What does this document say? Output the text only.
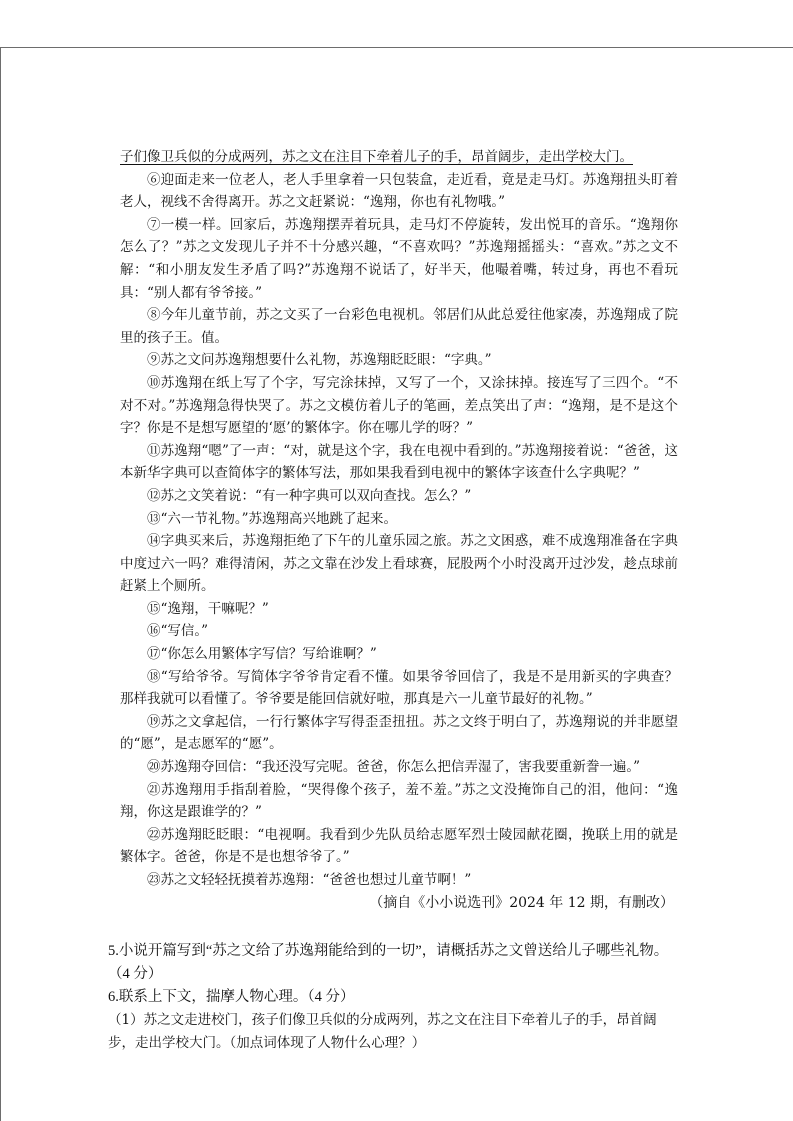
子们像卫兵似的分成两列，苏之文在注目下牵着儿子的手，昂首阔步，走出学校大门。

⑥迎面走来一位老人，老人手里拿着一只包装盒，走近看，竟是走马灯。苏逸翔扭头盯着老人，视线不舍得离开。苏之文赶紧说：“逸翔，你也有礼物哦。”

⑦一模一样。回家后，苏逸翔摆弄着玩具，走马灯不停旋转，发出悦耳的音乐。“逸翔你怎么了？”苏之文发现儿子并不十分感兴趣，“不喜欢吗？”苏逸翔摇摇头：“喜欢。”苏之文不解：“和小朋友发生矛盾了吗?”苏逸翔不说话了，好半天，他嘬着嘴，转过身，再也不看玩具：“别人都有爷爷接。”

⑧今年儿童节前，苏之文买了一台彩色电视机。邻居们从此总爱往他家凑，苏逸翔成了院里的孩子王。值。

⑨苏之文问苏逸翔想要什么礼物，苏逸翔眨眨眼：“字典。”

⑩苏逸翔在纸上写了个字，写完涂抹掉，又写了一个，又涂抹掉。接连写了三四个。“不对不对。”苏逸翔急得快哭了。苏之文模仿着儿子的笔画，差点笑出了声：“逸翔，是不是这个字？你是不是想写愿望的‘愿’的繁体字。你在哪儿学的呀？”

⑪苏逸翔“嗯”了一声：“对，就是这个字，我在电视中看到的。”苏逸翔接着说：“爸爸，这本新华字典可以查简体字的繁体写法，那如果我看到电视中的繁体字该查什么字典呢？”

⑫苏之文笑着说：“有一种字典可以双向查找。怎么？”

⑬“六一节礼物。”苏逸翔高兴地跳了起来。

⑭字典买来后，苏逸翔拒绝了下午的儿童乐园之旅。苏之文困惑，难不成逸翔准备在字典中度过六一吗？难得清闲，苏之文靠在沙发上看球赛，屁股两个小时没离开过沙发，趁点球前赶紧上个厕所。

⑮“逸翔，干嘛呢？”

⑯“写信。”

⑰“你怎么用繁体字写信？写给谁啊？”

⑱“写给爷爷。写简体字爷爷肯定看不懂。如果爷爷回信了，我是不是用新买的字典查？那样我就可以看懂了。爷爷要是能回信就好啦，那真是六一儿童节最好的礼物。”

⑲苏之文拿起信，一行行繁体字写得歪歪扭扭。苏之文终于明白了，苏逸翔说的并非愿望的“愿”，是志愿军的“愿”。

⑳苏逸翔夺回信：“我还没写完呢。爸爸，你怎么把信弄湿了，害我要重新誊一遍。”

㉑苏逸翔用手指刮着脸，“哭得像个孩子，羞不羞。”苏之文没掩饰自己的泪，他问：“逸翔，你这是跟谁学的？”

㉒苏逸翔眨眨眼：“电视啊。我看到少先队员给志愿军烈士陵园献花圈，挽联上用的就是繁体字。爸爸，你是不是也想爷爷了。”

㉓苏之文轻轻抚摸着苏逸翔：“爸爸也想过儿童节啊！”

（摘自《小小说选刊》2024 年 12 期，有删改）

5.小说开篇写到“苏之文给了苏逸翔能给到的一切”，请概括苏之文曾送给儿子哪些礼物。

（4 分）

6.联系上下文，揣摩人物心理。（4 分）

（1）苏之文走进校门，孩子们像卫兵似的分成两列，苏之文在注目下牵着儿子的手，昂首阔步，走出学校大门。（加点词体现了人物什么心理？）
